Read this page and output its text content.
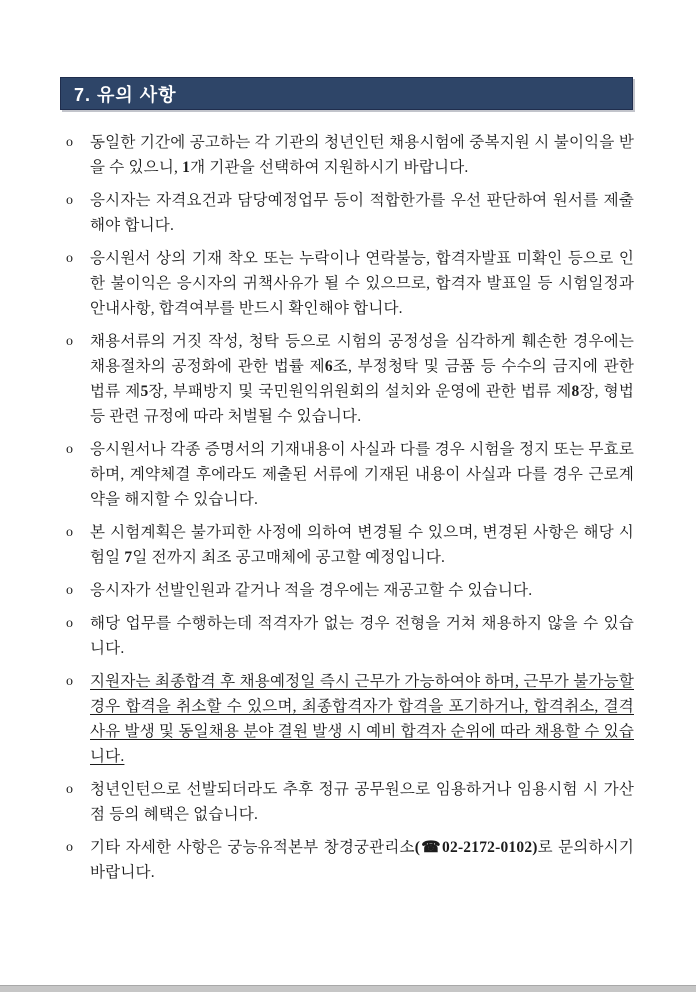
7. 유의 사항
o	동일한 기간에 공고하는 각 기관의 청년인턴 채용시험에 중복지원 시 불이익을 받을 수 있으니, 1개 기관을 선택하여 지원하시기 바랍니다.

o	응시자는 자격요건과 담당예정업무 등이 적합한가를 우선 판단하여 원서를 제출해야 합니다.

o	응시원서 상의 기재 착오 또는 누락이나 연락불능, 합격자발표 미확인 등으로 인한 불이익은 응시자의 귀책사유가 될 수 있으므로, 합격자 발표일 등 시험일정과 안내사항, 합격여부를 반드시 확인해야 합니다.

o	채용서류의 거짓 작성, 청탁 등으로 시험의 공정성을 심각하게 훼손한 경우에는 채용절차의 공정화에 관한 법률 제6조, 부정청탁 및 금품 등 수수의 금지에 관한 법류 제5장, 부패방지 및 국민원익위원회의 설치와 운영에 관한 법류 제8장, 형법 등 관련 규정에 따라 처벌될 수 있습니다.

o	응시원서나 각종 증명서의 기재내용이 사실과 다를 경우 시험을 정지 또는 무효로 하며, 계약체결 후에라도 제출된 서류에 기재된 내용이 사실과 다를 경우 근로계약을 해지할 수 있습니다.

o	본 시험계획은 불가피한 사정에 의하여 변경될 수 있으며, 변경된 사항은 해당 시험일 7일 전까지 최조 공고매체에 공고할 예정입니다.

o	응시자가 선발인원과 같거나 적을 경우에는 재공고할 수 있습니다.

o	해당 업무를 수행하는데 적격자가 없는 경우 전형을 거쳐 채용하지 않을 수 있습니다.

o	지원자는 최종합격 후 채용예정일 즉시 근무가 가능하여야 하며, 근무가 불가능할 경우 합격을 취소할 수 있으며, 최종합격자가 합격을 포기하거나, 합격취소, 결격사유 발생 및 동일채용 분야 결원 발생 시 예비 합격자 순위에 따라 채용할 수 있습니다.

o	청년인턴으로 선발되더라도 추후 정규 공무원으로 임용하거나 임용시험 시 가산점 등의 혜택은 없습니다.

o	기타 자세한 사항은 궁능유적본부 창경궁관리소(☎02-2172-0102)로 문의하시기 바랍니다.
